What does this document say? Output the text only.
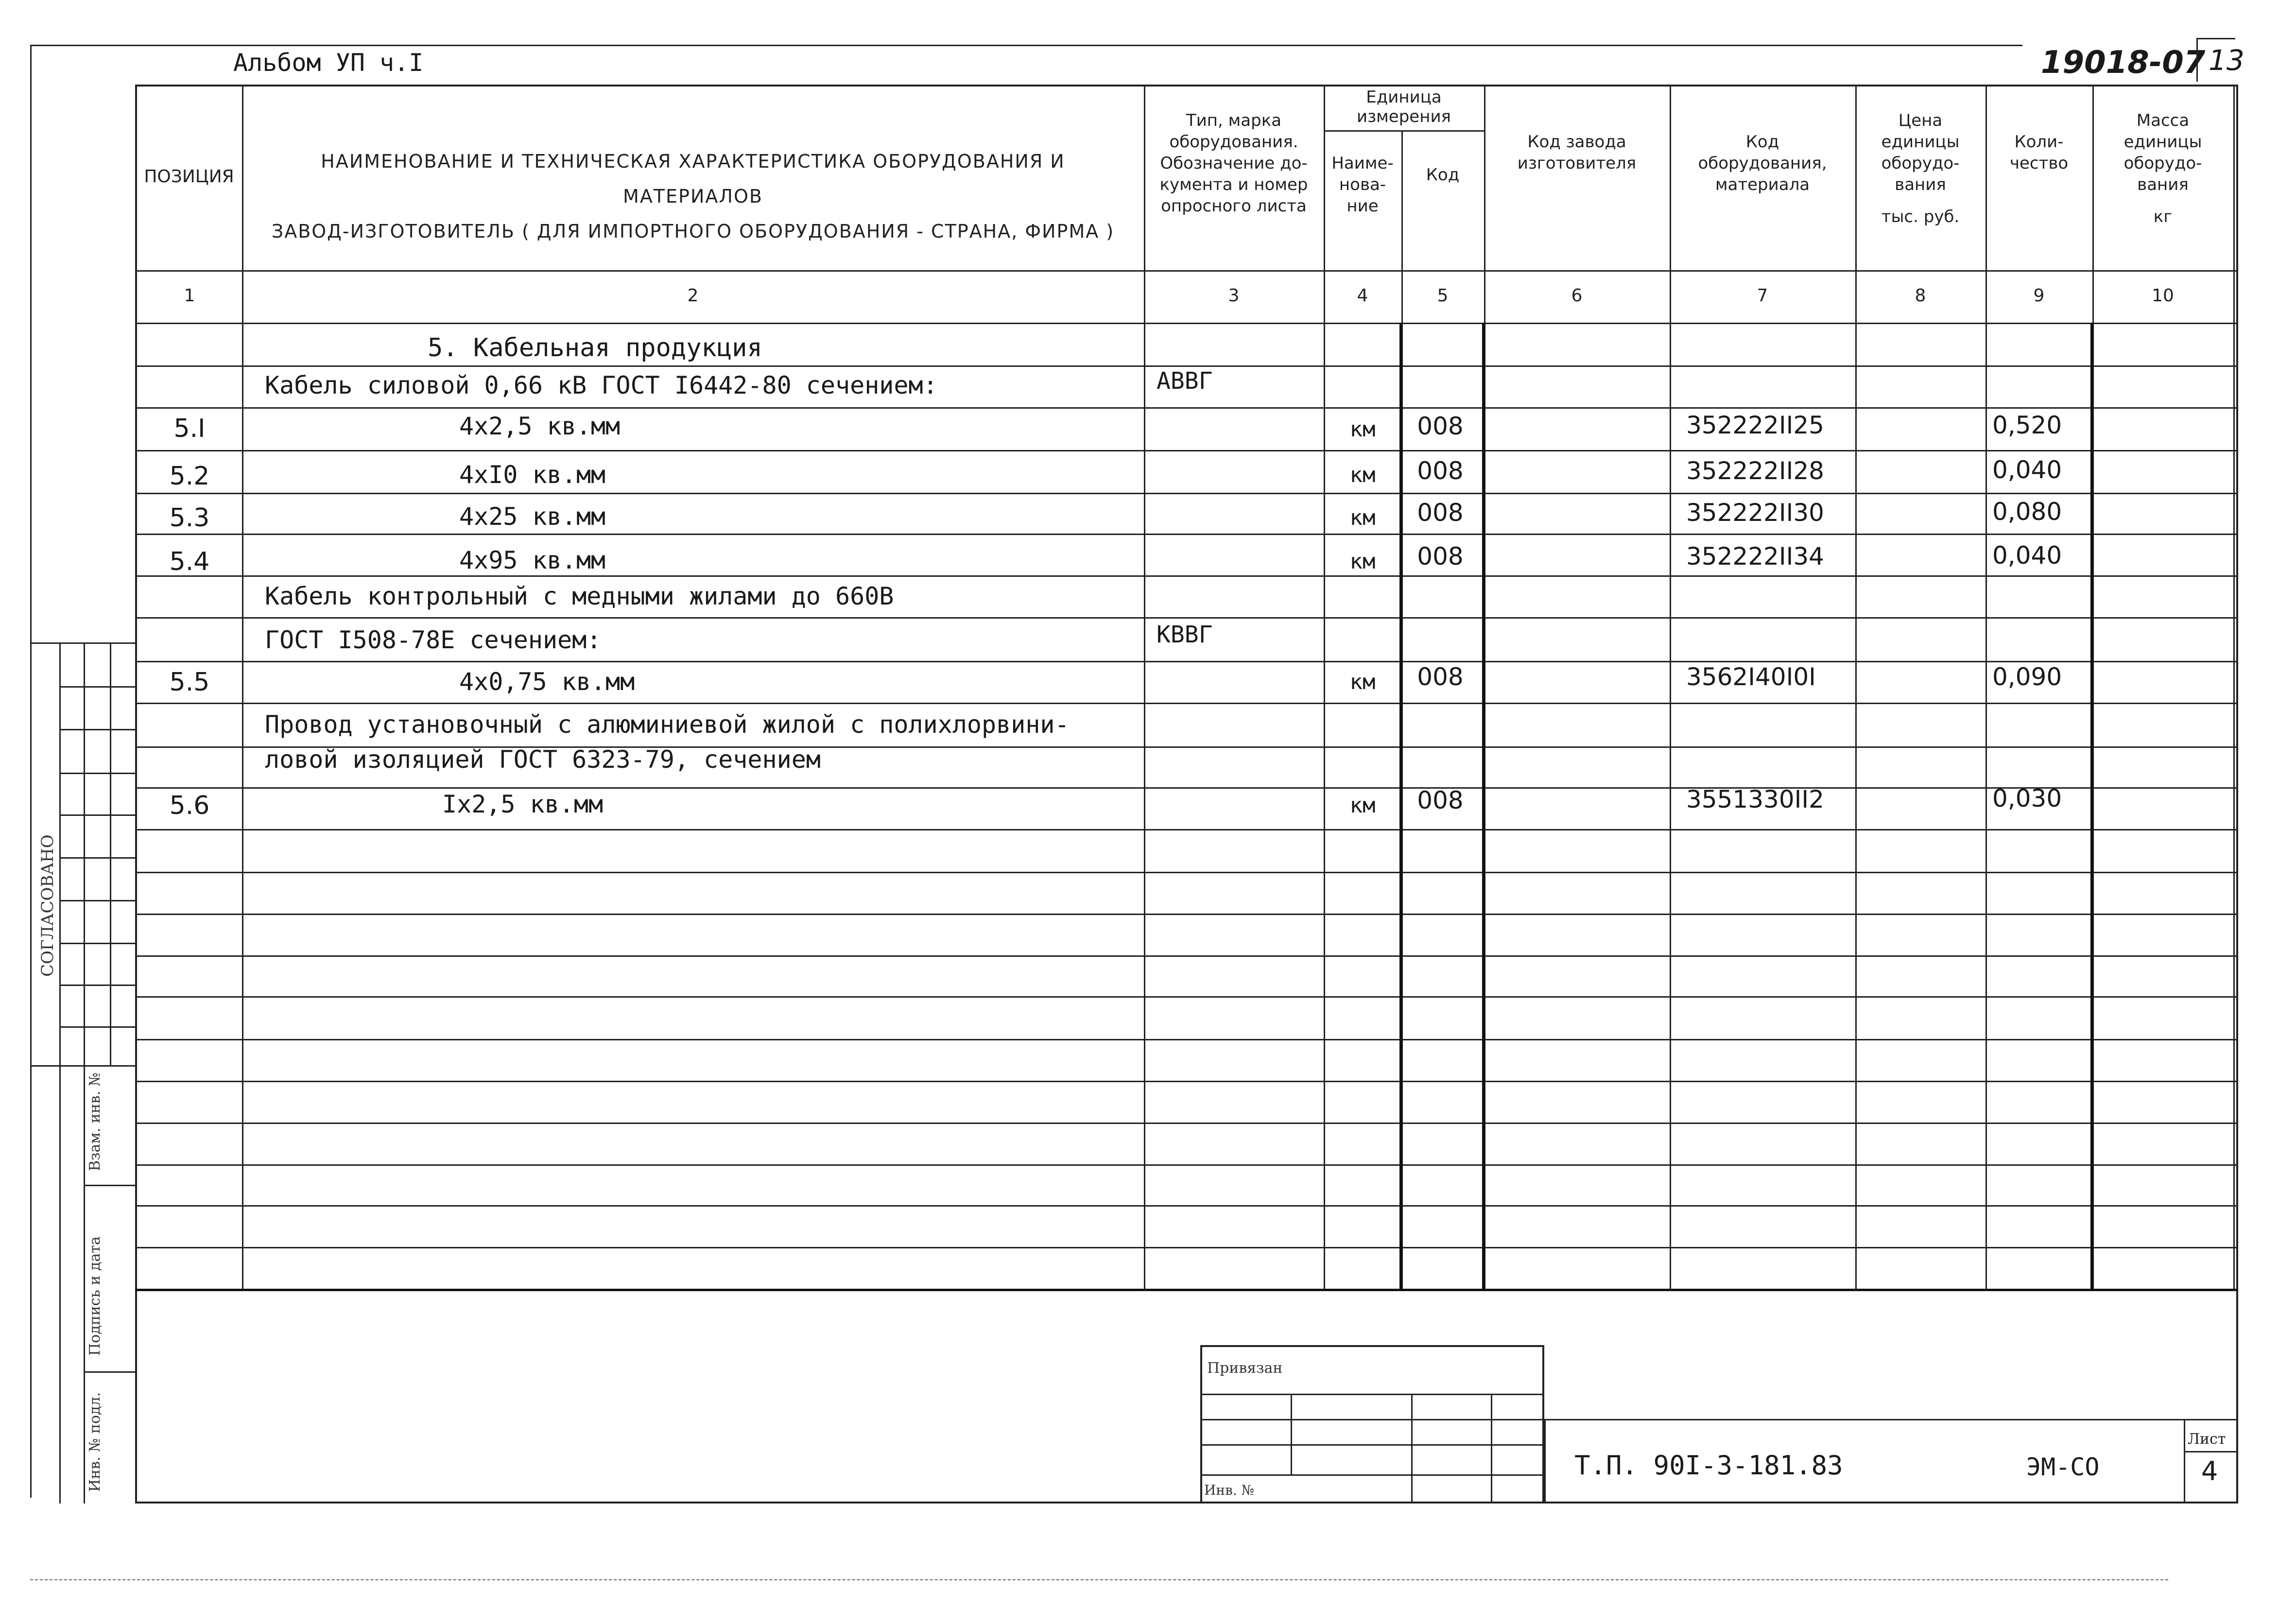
Альбом УП ч.I	19018-07 13
ПОЗИЦИЯ
НАИМЕНОВАНИЕ И ТЕХНИЧЕСКАЯ ХАРАКТЕРИСТИКА ОБОРУДОВАНИЯ И
МАТЕРИАЛОВ
ЗАВОД-ИЗГОТОВИТЕЛЬ ( ДЛЯ ИМПОРТНОГО ОБОРУДОВАНИЯ - СТРАНА, ФИРМА )
Тип, марка
оборудования.
Обозначение до-
кумента и номер
опросного листа
Единица
измерения
Наиме-
нова-
ние
Код
Код завода
изготовителя
Код
оборудования,
материала
Цена
единицы
оборудо-
вания
тыс. руб.
Коли-
чество
Масса
единицы
оборудо-
вания
кг
1	2	3	4	5	6	7	8	9	10
5. Кабельная продукция
Кабель силовой 0,66 кВ ГОСТ I6442-80 сечением:	АВВГ
5.I	4x2,5 кв.мм	км	008	352222II25	0,520
5.2	4xI0 кв.мм	км	008	352222II28	0,040
5.3	4x25 кв.мм	км	008	352222II30	0,080
5.4	4x95 кв.мм	км	008	352222II34	0,040
Кабель контрольный с медными жилами до 660В
ГОСТ I508-78Е сечением:	КВВГ
5.5	4x0,75 кв.мм	км	008	3562I40I0I	0,090
Провод установочный с алюминиевой жилой с полихлорвини-
ловой изоляцией ГОСТ 6323-79, сечением
5.6	Ix2,5 кв.мм	км	008	3551330II2	0,030
СОГЛАСОВАНО
Взам. инв. №
Подпись и дата
Инв. № подл.
Привязан
Инв. №
Т.П. 90I-3-181.83	ЭМ-СО
Лист
4
